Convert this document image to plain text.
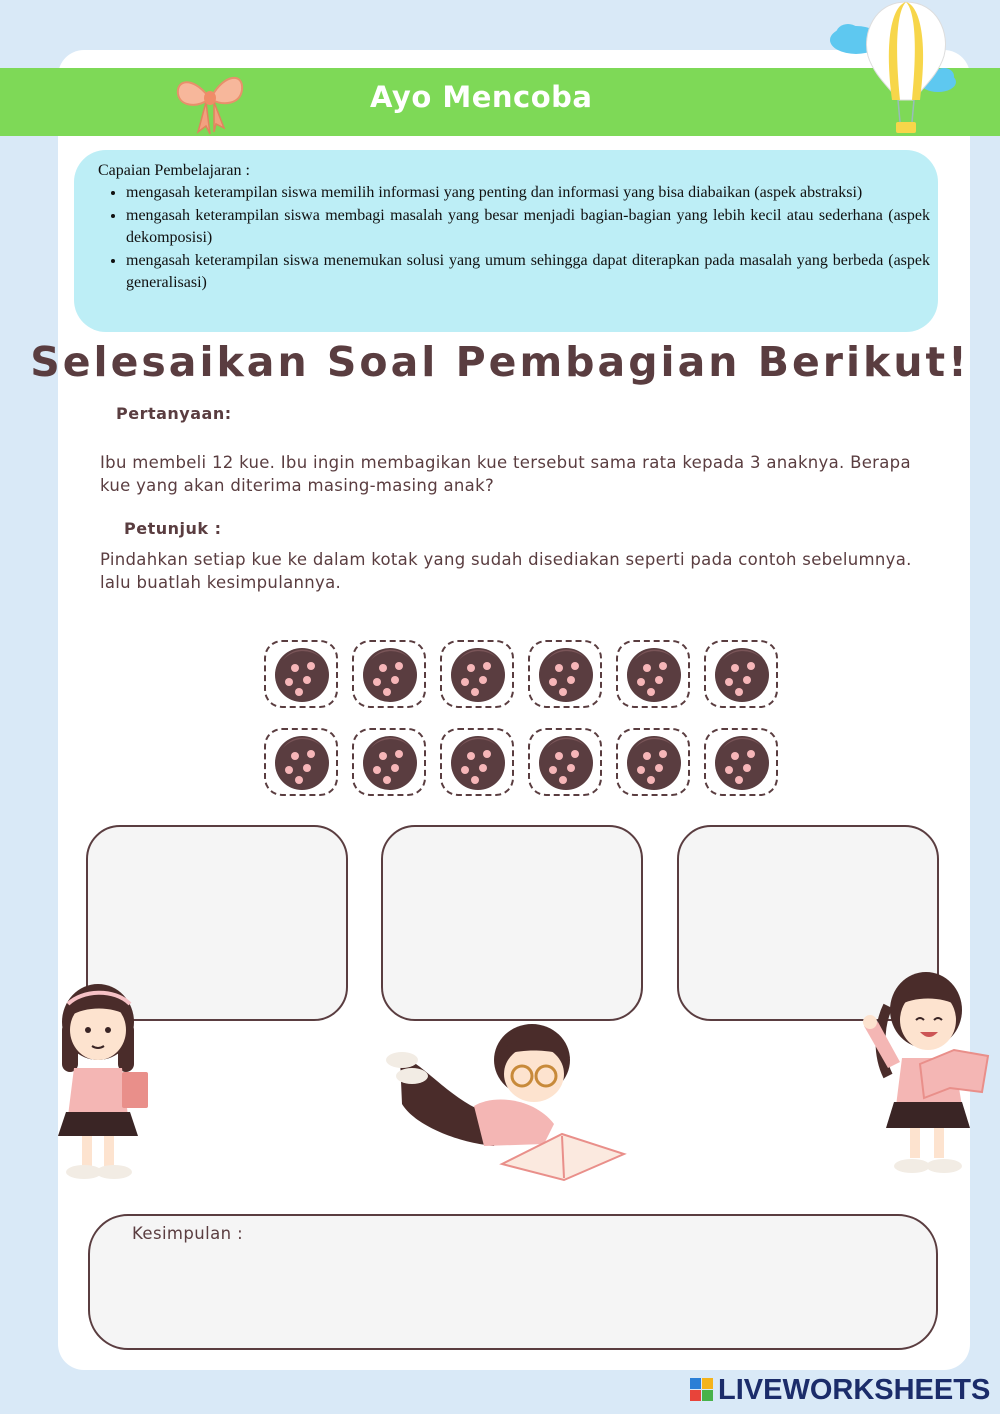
Ayo Mencoba
Capaian Pembelajaran :
• mengasah keterampilan siswa memilih informasi yang penting dan informasi yang bisa diabaikan (aspek abstraksi)
• mengasah keterampilan siswa membagi masalah yang besar menjadi bagian-bagian yang lebih kecil atau sederhana (aspek dekomposisi)
• mengasah keterampilan siswa menemukan solusi yang umum sehingga dapat diterapkan pada masalah yang berbeda (aspek generalisasi)
Selesaikan Soal Pembagian Berikut!
Pertanyaan:
Ibu membeli 12 kue. Ibu ingin membagikan kue tersebut sama rata kepada 3 anaknya. Berapa kue yang akan diterima masing-masing anak?
Petunjuk :
Pindahkan setiap kue ke dalam kotak yang sudah disediakan seperti pada contoh sebelumnya. lalu buatlah kesimpulannya.
Kesimpulan :
LIVEWORKSHEETS
